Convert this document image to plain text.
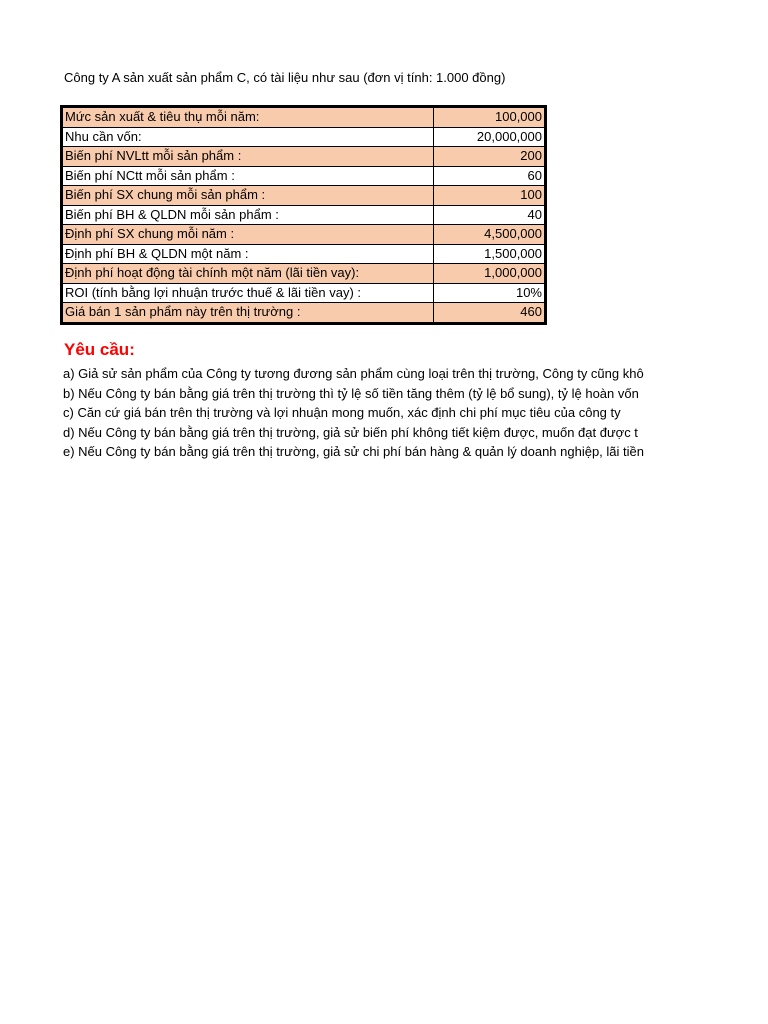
Công ty A sản xuất sản phẩm C, có tài liệu như sau (đơn vị tính: 1.000 đồng)
Mức sản xuất & tiêu thụ mỗi năm:	100,000
Nhu cần vốn:	20,000,000
Biến phí NVLtt mỗi sản phẩm :	200
Biến phí NCtt mỗi sản phẩm :	60
Biến phí SX chung mỗi sản phẩm :	100
Biến phí BH & QLDN mỗi sản phẩm :	40
Định phí SX chung mỗi năm :	4,500,000
Định phí BH & QLDN một năm :	1,500,000
Định phí hoạt động tài chính một năm (lãi tiền vay):	1,000,000
ROI (tính bằng lợi nhuận trước thuế & lãi tiền vay) :	10%
Giá bán 1 sản phẩm này trên thị trường :	460
Yêu cầu:
a) Giả sử sản phẩm của Công ty tương đương sản phẩm cùng loại trên thị trường, Công ty cũng khô
b) Nếu Công ty bán bằng giá trên thị trường thì tỷ lệ số tiền tăng thêm (tỷ lệ bổ sung), tỷ lệ hoàn vốn
c) Căn cứ giá bán trên thị trường và lợi nhuận mong muốn, xác định chi phí mục tiêu của công ty
d) Nếu Công ty bán bằng giá trên thị trường, giả sử biến phí không tiết kiệm được, muốn đạt được t
e) Nếu Công ty bán bằng giá trên thị trường, giả sử chi phí bán hàng & quản lý doanh nghiệp, lãi tiền
